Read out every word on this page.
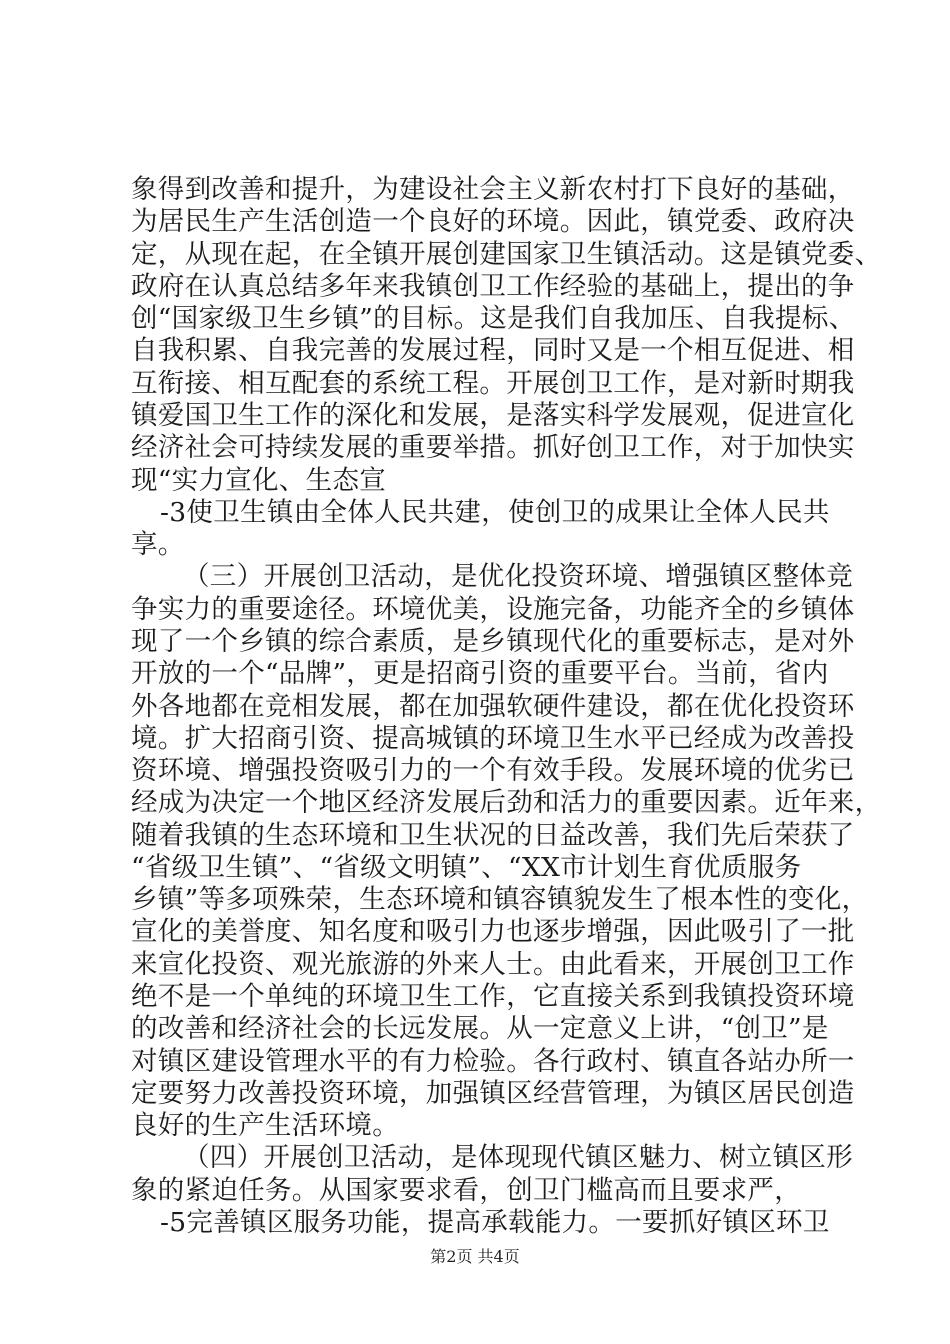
象得到改善和提升，为建设社会主义新农村打下良好的基础，
为居民生产生活创造一个良好的环境。因此，镇党委、政府决
定，从现在起，在全镇开展创建国家卫生镇活动。这是镇党委、
政府在认真总结多年来我镇创卫工作经验的基础上，提出的争
创“国家级卫生乡镇”的目标。这是我们自我加压、自我提标、
自我积累、自我完善的发展过程，同时又是一个相互促进、相
互衔接、相互配套的系统工程。开展创卫工作，是对新时期我
镇爱国卫生工作的深化和发展，是落实科学发展观，促进宣化
经济社会可持续发展的重要举措。抓好创卫工作，对于加快实
现“实力宣化、生态宣
-3使卫生镇由全体人民共建，使创卫的成果让全体人民共
享。
（三）开展创卫活动，是优化投资环境、增强镇区整体竞
争实力的重要途径。环境优美，设施完备，功能齐全的乡镇体
现了一个乡镇的综合素质，是乡镇现代化的重要标志，是对外
开放的一个“品牌”，更是招商引资的重要平台。当前，省内
外各地都在竞相发展，都在加强软硬件建设，都在优化投资环
境。扩大招商引资、提高城镇的环境卫生水平已经成为改善投
资环境、增强投资吸引力的一个有效手段。发展环境的优劣已
经成为决定一个地区经济发展后劲和活力的重要因素。近年来，
随着我镇的生态环境和卫生状况的日益改善，我们先后荣获了
“省级卫生镇”、“省级文明镇”、“XX市计划生育优质服务
乡镇”等多项殊荣，生态环境和镇容镇貌发生了根本性的变化，
宣化的美誉度、知名度和吸引力也逐步增强，因此吸引了一批
来宣化投资、观光旅游的外来人士。由此看来，开展创卫工作
绝不是一个单纯的环境卫生工作，它直接关系到我镇投资环境
的改善和经济社会的长远发展。从一定意义上讲，“创卫”是
对镇区建设管理水平的有力检验。各行政村、镇直各站办所一
定要努力改善投资环境，加强镇区经营管理，为镇区居民创造
良好的生产生活环境。
（四）开展创卫活动，是体现现代镇区魅力、树立镇区形
象的紧迫任务。从国家要求看，创卫门槛高而且要求严，
-5完善镇区服务功能，提高承载能力。一要抓好镇区环卫
第2页 共4页
